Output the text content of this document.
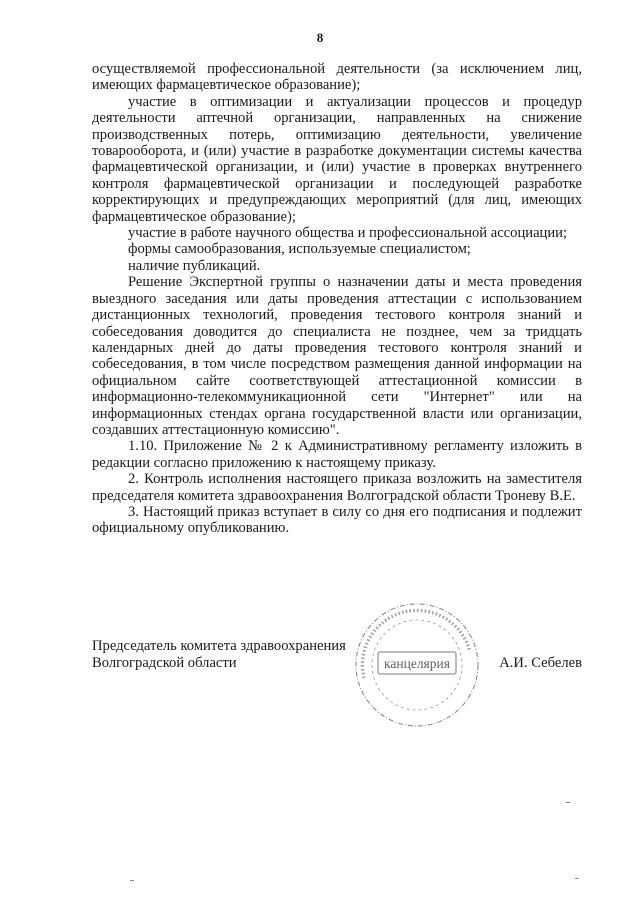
8

осуществляемой профессиональной деятельности (за исключением лиц, имеющих фармацевтическое образование);

участие в оптимизации и актуализации процессов и процедур деятельности аптечной организации, направленных на снижение производственных потерь, оптимизацию деятельности, увеличение товарооборота, и (или) участие в разработке документации системы качества фармацевтической организации, и (или) участие в проверках внутреннего контроля фармацевтической организации и последующей разработке корректирующих и предупреждающих мероприятий (для лиц, имеющих фармацевтическое образование);

участие в работе научного общества и профессиональной ассоциации;

формы самообразования, используемые специалистом;

наличие публикаций.

Решение Экспертной группы о назначении даты и места проведения выездного заседания или даты проведения аттестации с использованием дистанционных технологий, проведения тестового контроля знаний и собеседования доводится до специалиста не позднее, чем за тридцать календарных дней до даты проведения тестового контроля знаний и собеседования, в том числе посредством размещения данной информации на официальном сайте соответствующей аттестационной комиссии в информационно-телекоммуникационной сети "Интернет" или на информационных стендах органа государственной власти или организации, создавших аттестационную комиссию".

1.10. Приложение № 2 к Административному регламенту изложить в редакции согласно приложению к настоящему приказу.

2. Контроль исполнения настоящего приказа возложить на заместителя председателя комитета здравоохранения Волгоградской области Троневу В.Е.

3. Настоящий приказ вступает в силу со дня его подписания и подлежит официальному опубликованию.

Председатель комитета здравоохранения
Волгоградской области	А.И. Себелев
канцелярия
